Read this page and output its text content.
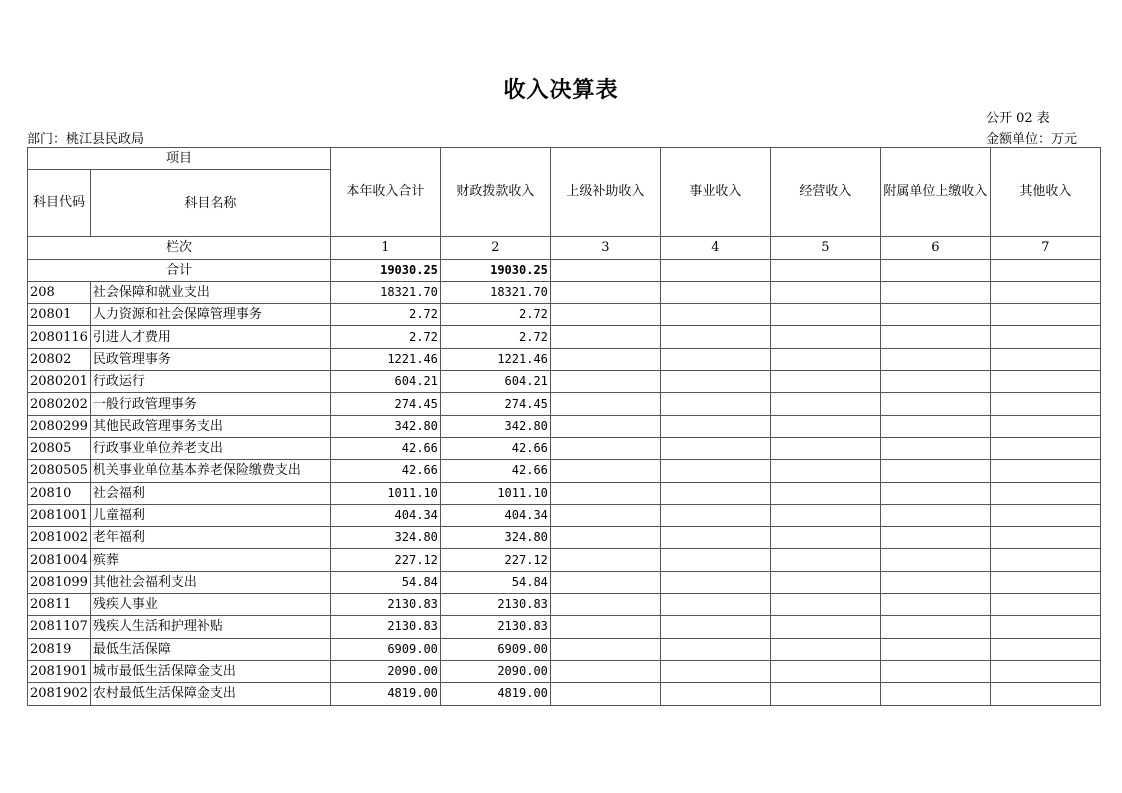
收入决算表
公开 02 表
部门：桃江县民政局	金额单位：万元
项目		本年收入合计	财政拨款收入	上级补助收入	事业收入	经营收入	附属单位上缴收入	其他收入
科目代码	科目名称							
栏次		1	2	3	4	5	6	7
合计		19030.25	19030.25					
208	社会保障和就业支出	18321.70	18321.70					
20801	人力资源和社会保障管理事务	2.72	2.72					
2080116	引进人才费用	2.72	2.72					
20802	民政管理事务	1221.46	1221.46					
2080201	行政运行	604.21	604.21					
2080202	一般行政管理事务	274.45	274.45					
2080299	其他民政管理事务支出	342.80	342.80					
20805	行政事业单位养老支出	42.66	42.66					
2080505	机关事业单位基本养老保险缴费支出	42.66	42.66					
20810	社会福利	1011.10	1011.10					
2081001	儿童福利	404.34	404.34					
2081002	老年福利	324.80	324.80					
2081004	殡葬	227.12	227.12					
2081099	其他社会福利支出	54.84	54.84					
20811	残疾人事业	2130.83	2130.83					
2081107	残疾人生活和护理补贴	2130.83	2130.83					
20819	最低生活保障	6909.00	6909.00					
2081901	城市最低生活保障金支出	2090.00	2090.00					
2081902	农村最低生活保障金支出	4819.00	4819.00					
